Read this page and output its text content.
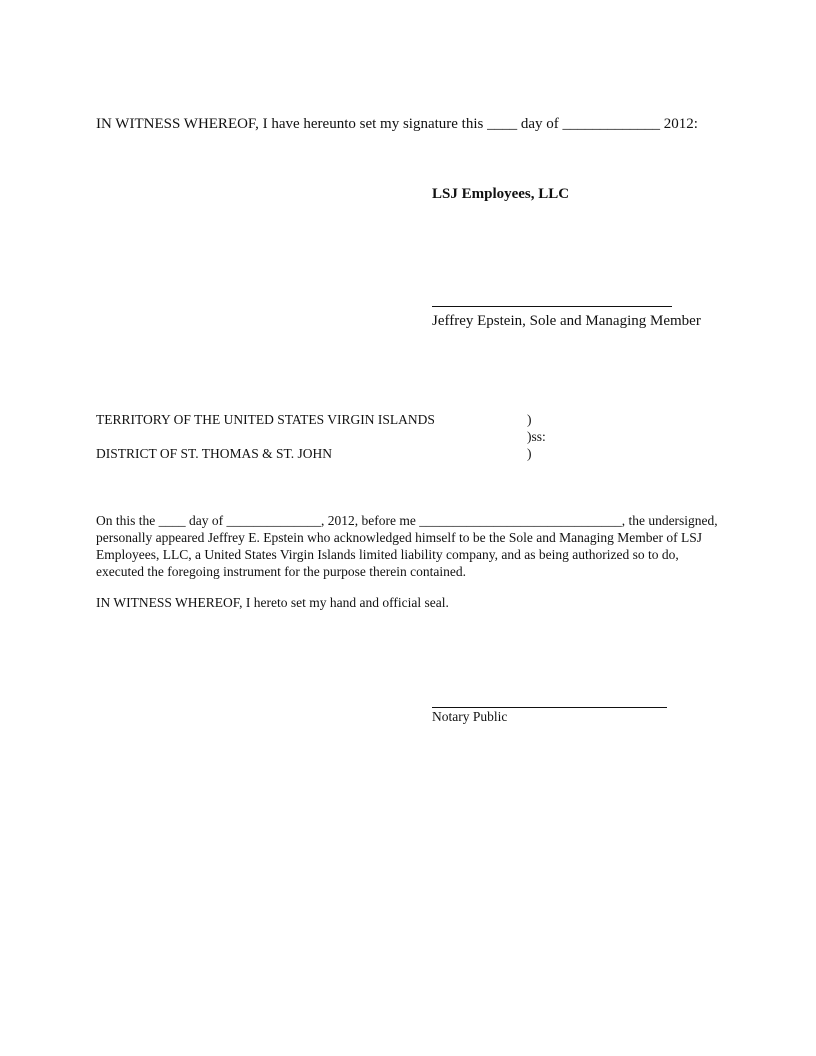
IN WITNESS WHEREOF, I have hereunto set my signature this ____ day of _____________ 2012:
LSJ Employees, LLC
Jeffrey Epstein, Sole and Managing Member
TERRITORY OF THE UNITED STATES VIRGIN ISLANDS
DISTRICT OF ST. THOMAS & ST. JOHN
)
)ss:
)

On this the ____ day of ______________, 2012, before me ______________________________, the undersigned, personally appeared Jeffrey E. Epstein who acknowledged himself to be the Sole and Managing Member of LSJ Employees, LLC, a United States Virgin Islands limited liability company, and as being authorized so to do, executed the foregoing instrument for the purpose therein contained.

IN WITNESS WHEREOF, I hereto set my hand and official seal.
Notary Public
